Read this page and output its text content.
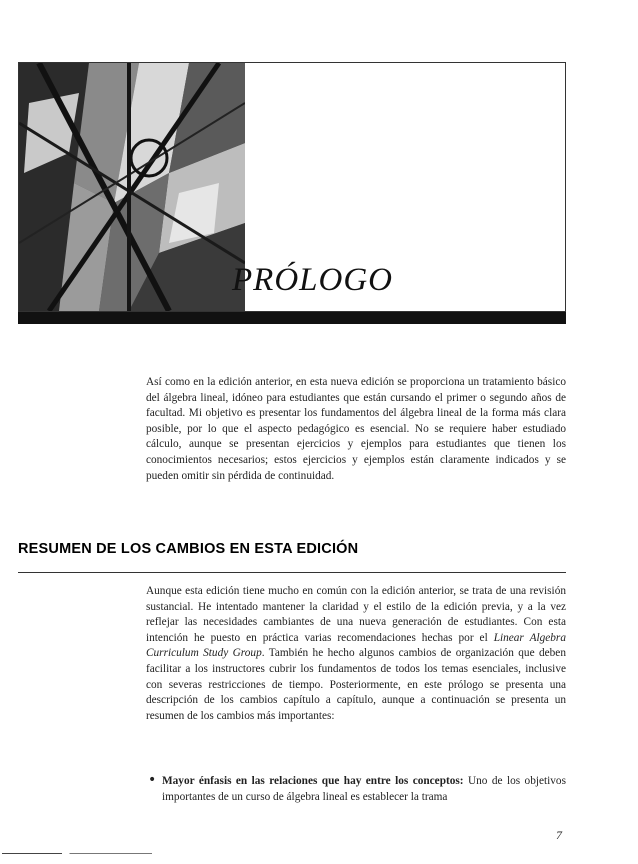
PRÓLOGO

Así como en la edición anterior, en esta nueva edición se proporciona un tratamiento básico del álgebra lineal, idóneo para estudiantes que están cursando el primer o segundo años de facultad. Mi objetivo es presentar los fundamentos del álgebra lineal de la forma más clara posible, por lo que el aspecto pedagógico es esencial. No se requiere haber estudiado cálculo, aunque se presentan ejercicios y ejemplos para estudiantes que tienen los conocimientos necesarios; estos ejercicios y ejemplos están claramente indicados y se pueden omitir sin pérdida de continuidad.

RESUMEN DE LOS CAMBIOS EN ESTA EDICIÓN

Aunque esta edición tiene mucho en común con la edición anterior, se trata de una revisión sustancial. He intentado mantener la claridad y el estilo de la edición previa, y a la vez reflejar las necesidades cambiantes de una nueva generación de estudiantes. Con esta intención he puesto en práctica varias recomendaciones hechas por el Linear Algebra Curriculum Study Group. También he hecho algunos cambios de organización que deben facilitar a los instructores cubrir los fundamentos de todos los temas esenciales, inclusive con severas restricciones de tiempo. Posteriormente, en este prólogo se presenta una descripción de los cambios capítulo a capítulo, aunque a continuación se presenta un resumen de los cambios más importantes:

• Mayor énfasis en las relaciones que hay entre los conceptos: Uno de los objetivos importantes de un curso de álgebra lineal es establecer la trama
7
